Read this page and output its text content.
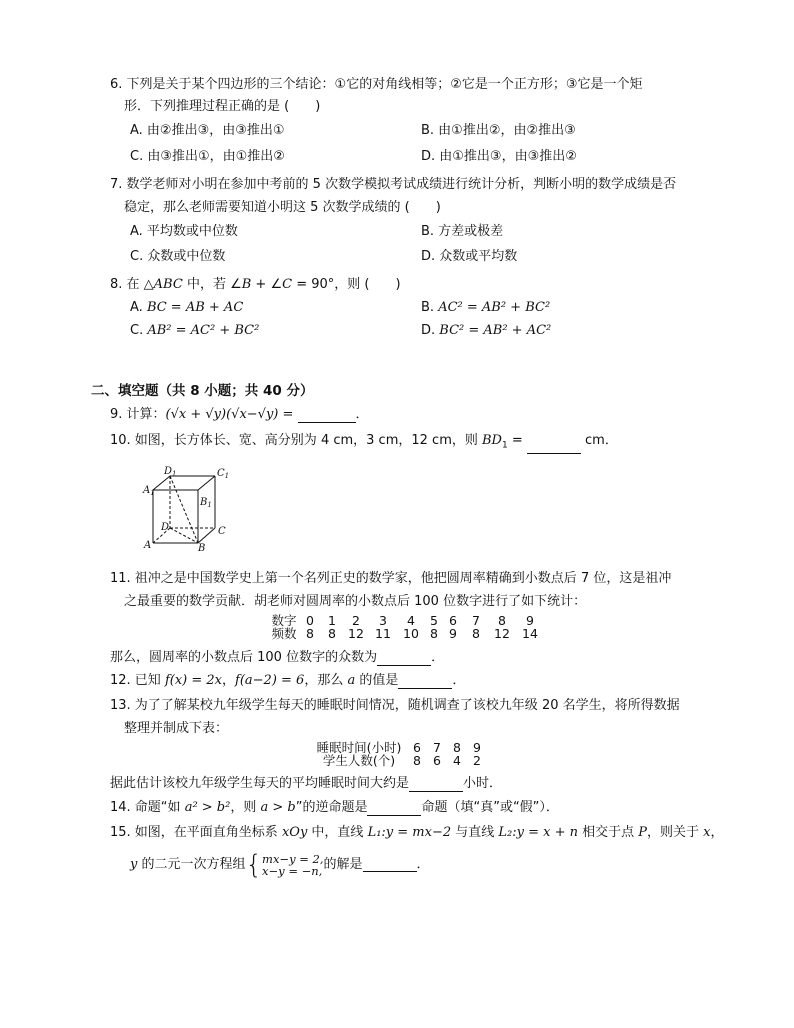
6. 下列是关于某个四边形的三个结论：①它的对角线相等；②它是一个正方形；③它是一个矩
形．下列推理过程正确的是 (　　)
A. 由②推出③，由③推出①	B. 由①推出②，由②推出③
C. 由③推出①，由①推出②	D. 由①推出③，由③推出②
7. 数学老师对小明在参加中考前的 5 次数学模拟考试成绩进行统计分析，判断小明的数学成绩是否
稳定，那么老师需要知道小明这 5 次数学成绩的 (　　)
A. 平均数或中位数	B. 方差或极差
C. 众数或中位数	D. 众数或平均数
8. 在 △ABC 中，若 ∠B + ∠C = 90°，则 (　　)
A. BC = AB + AC	B. AC² = AB² + BC²
C. AB² = AC² + BC²	D. BC² = AB² + AC²
二、填空题（共 8 小题；共 40 分）
9. 计算：(√x + √y)(√x−√y) =	．
10. 如图，长方体长、宽、高分别为 4 cm，3 cm，12 cm，则 $BD_1$ =	cm．
$D_1$	$C_1$
$A_1$
$B_1$
D	C
A	B
11. 祖冲之是中国数学史上第一个名列正史的数学家，他把圆周率精确到小数点后 7 位，这是祖冲
之最重要的数学贡献．胡老师对圆周率的小数点后 100 位数字进行了如下统计：
数字 0 1 2 3 4 5 6 7 8 9
频数 8 8 12 11 10 8 9 8 12 14
那么，圆周率的小数点后 100 位数字的众数为	．
12. 已知 f(x) = 2x，f(a−2) = 6，那么 a 的值是	．
13. 为了了解某校九年级学生每天的睡眠时间情况，随机调查了该校九年级 20 名学生，将所得数据
整理并制成下表：
睡眠时间(小时) 6 7 8 9
学生人数(个) 8 6 4 2
据此估计该校九年级学生每天的平均睡眠时间大约是	小时．
14. 命题“如 a² > b²，则 a > b”的逆命题是	命题（填“真”或“假”）．
15. 如图，在平面直角坐标系 xOy 中，直线 L₁:y = mx−2 与直线 L₂:y = x + n 相交于点 P，则关于 x，
y 的二元一次方程组{ mx−y = 2,
x−y = −n, 的解是	．
